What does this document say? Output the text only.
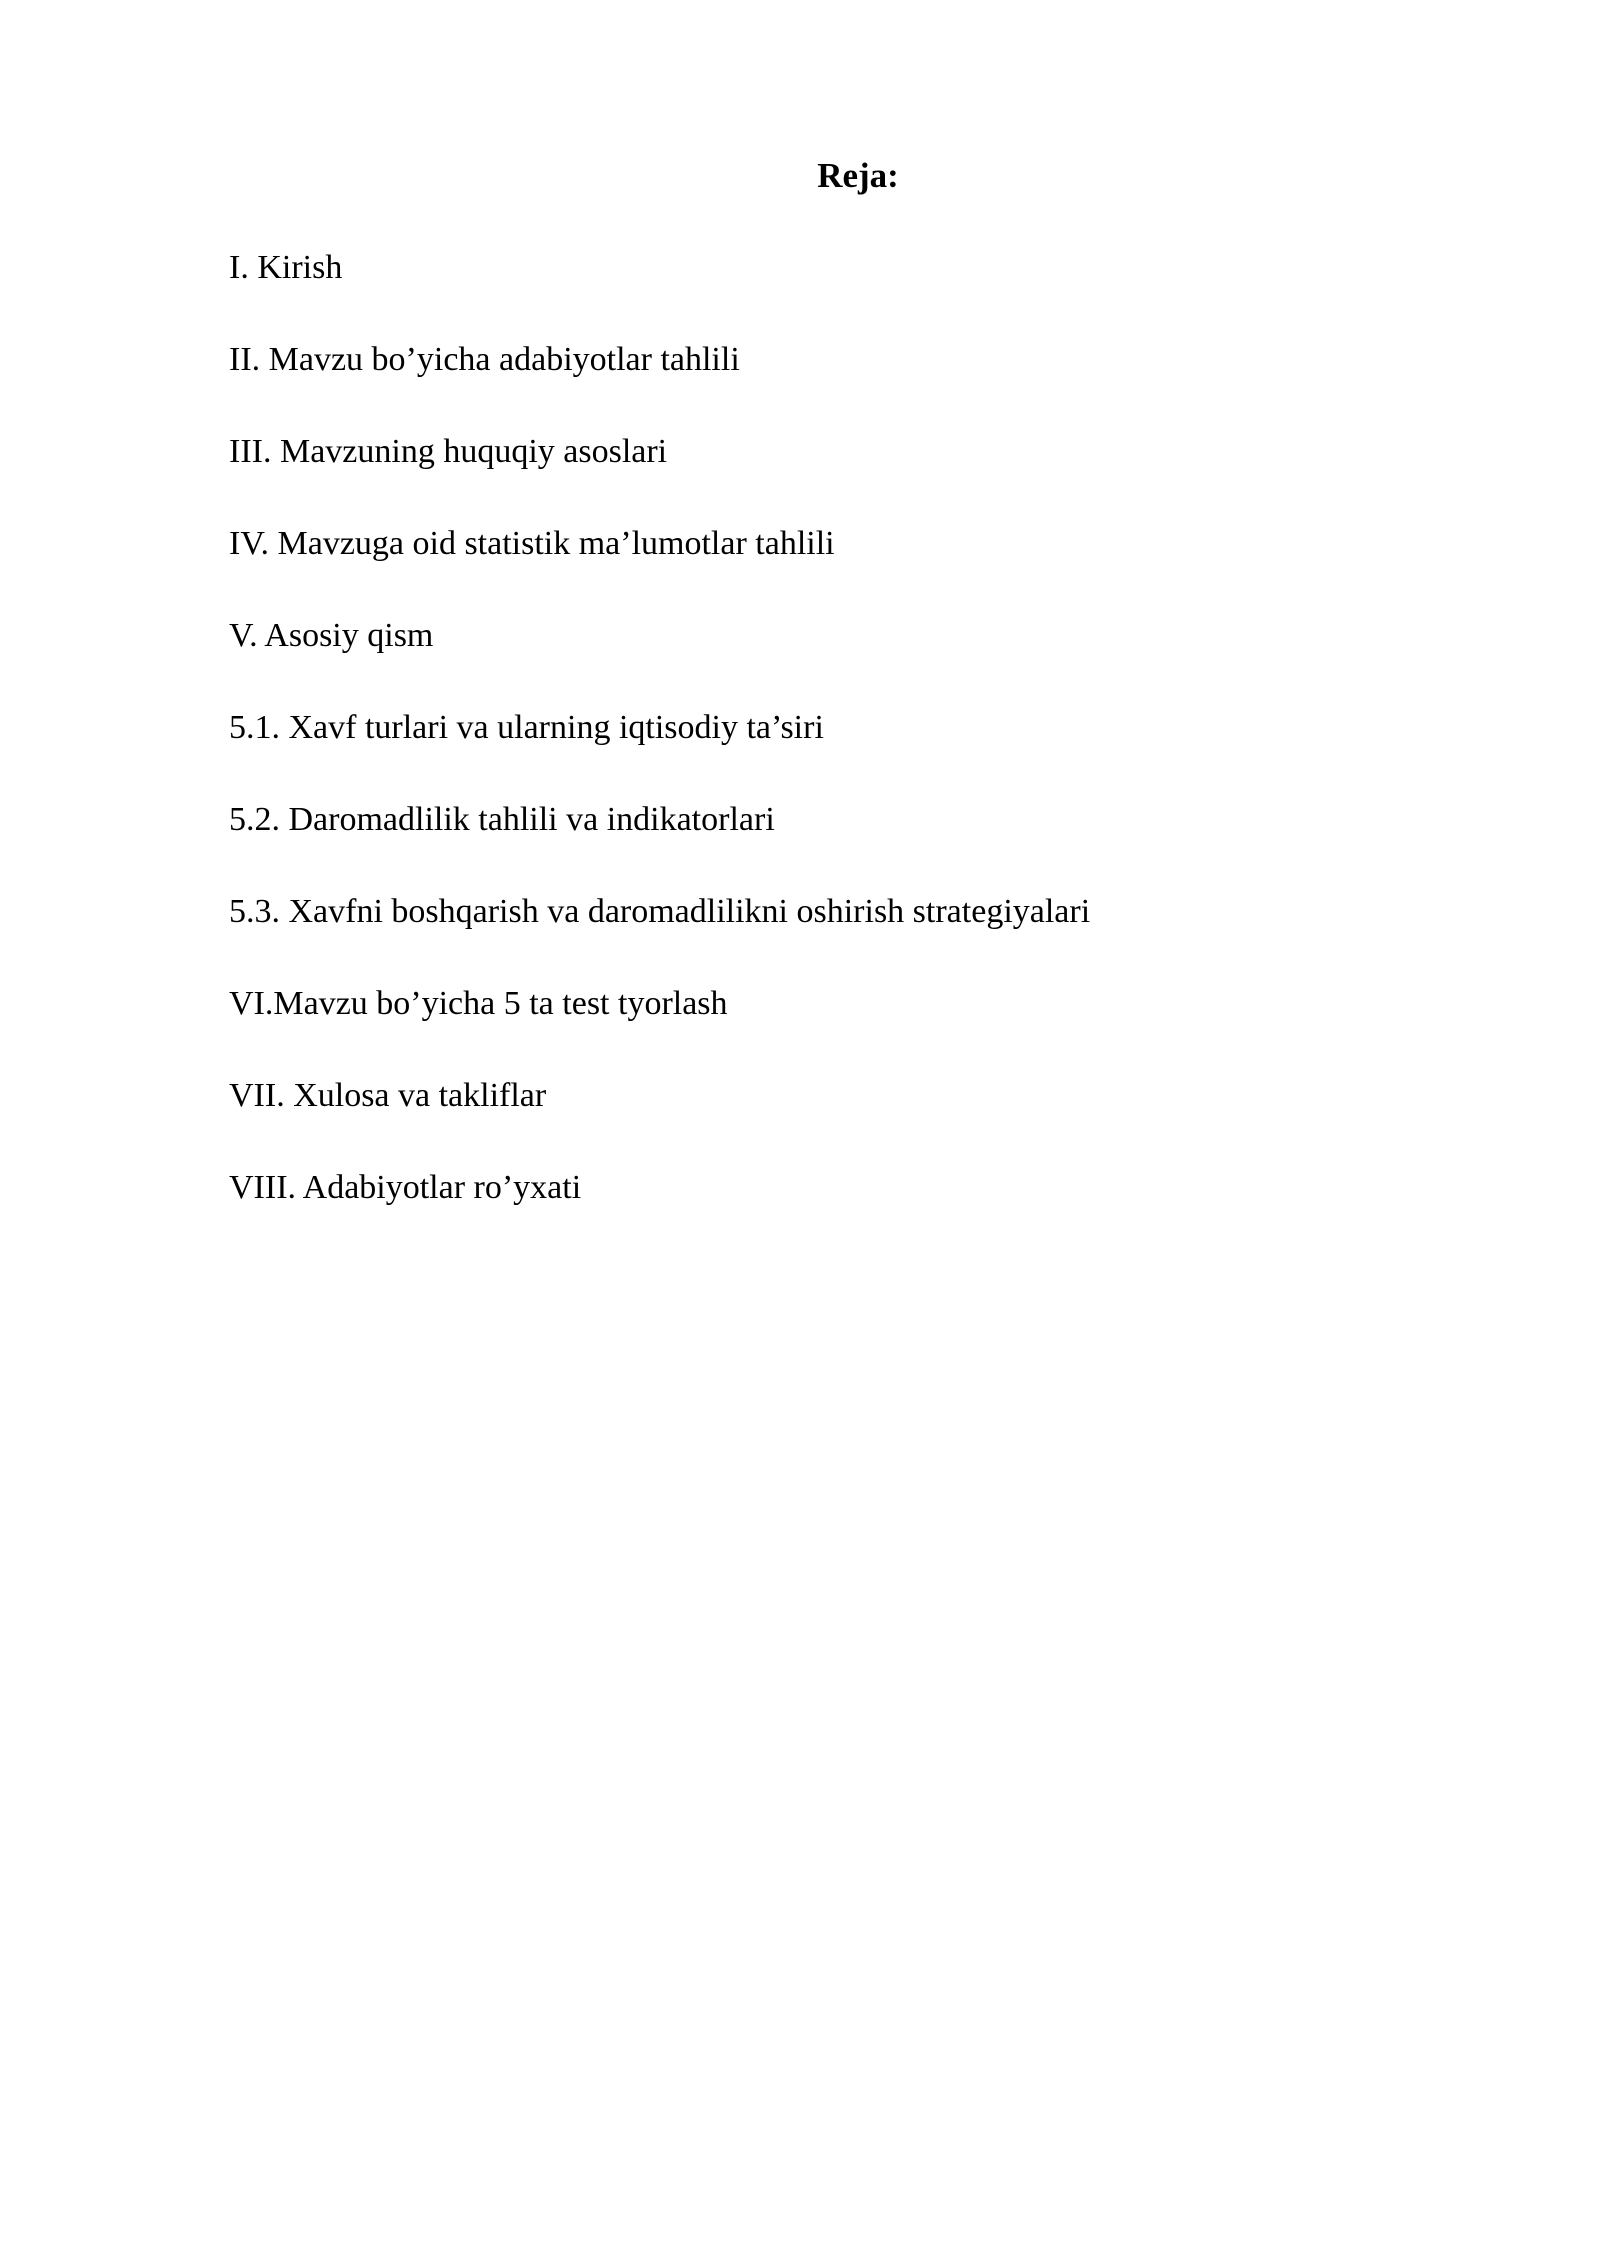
Reja:
I. Kirish
II. Mavzu bo’yicha adabiyotlar tahlili
III. Mavzuning huquqiy asoslari
IV. Mavzuga oid statistik ma’lumotlar tahlili
V. Asosiy qism
5.1. Xavf turlari va ularning iqtisodiy ta’siri
5.2. Daromadlilik tahlili va indikatorlari
5.3. Xavfni boshqarish va daromadlilikni oshirish strategiyalari
VI.Mavzu bo’yicha 5 ta test tyorlash
VII. Xulosa va takliflar
VIII. Adabiyotlar ro’yxati
